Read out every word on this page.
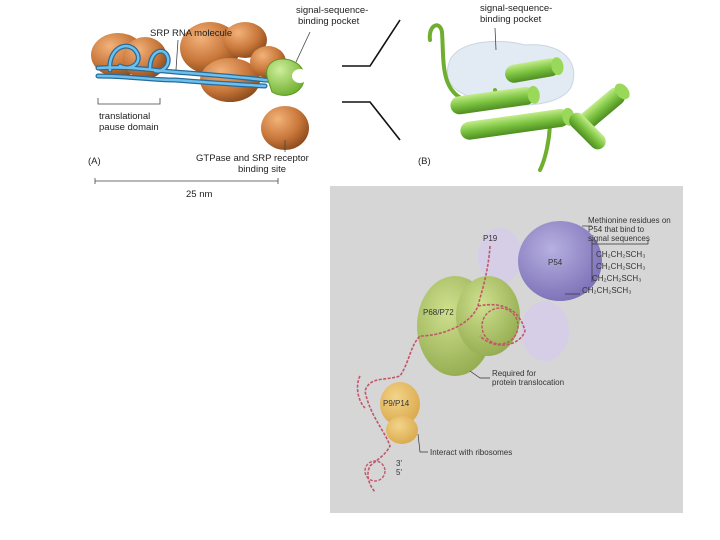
SRP RNA molecule
signal-sequence-
binding pocket
translational
pause domain
(A)	GTPase and SRP receptor
binding site
25 nm
signal-sequence-
binding pocket
(B)
P19
P54
P68/P72
P9/P14
Methionine residues on
P54 that bind to
signal sequences
CH₂CH₂SCH₃
CH₂CH₂SCH₃
CH₂CH₂SCH₃
CH₂CH₂SCH₃
Required for
protein translocation
Interact with ribosomes
3'
5'
